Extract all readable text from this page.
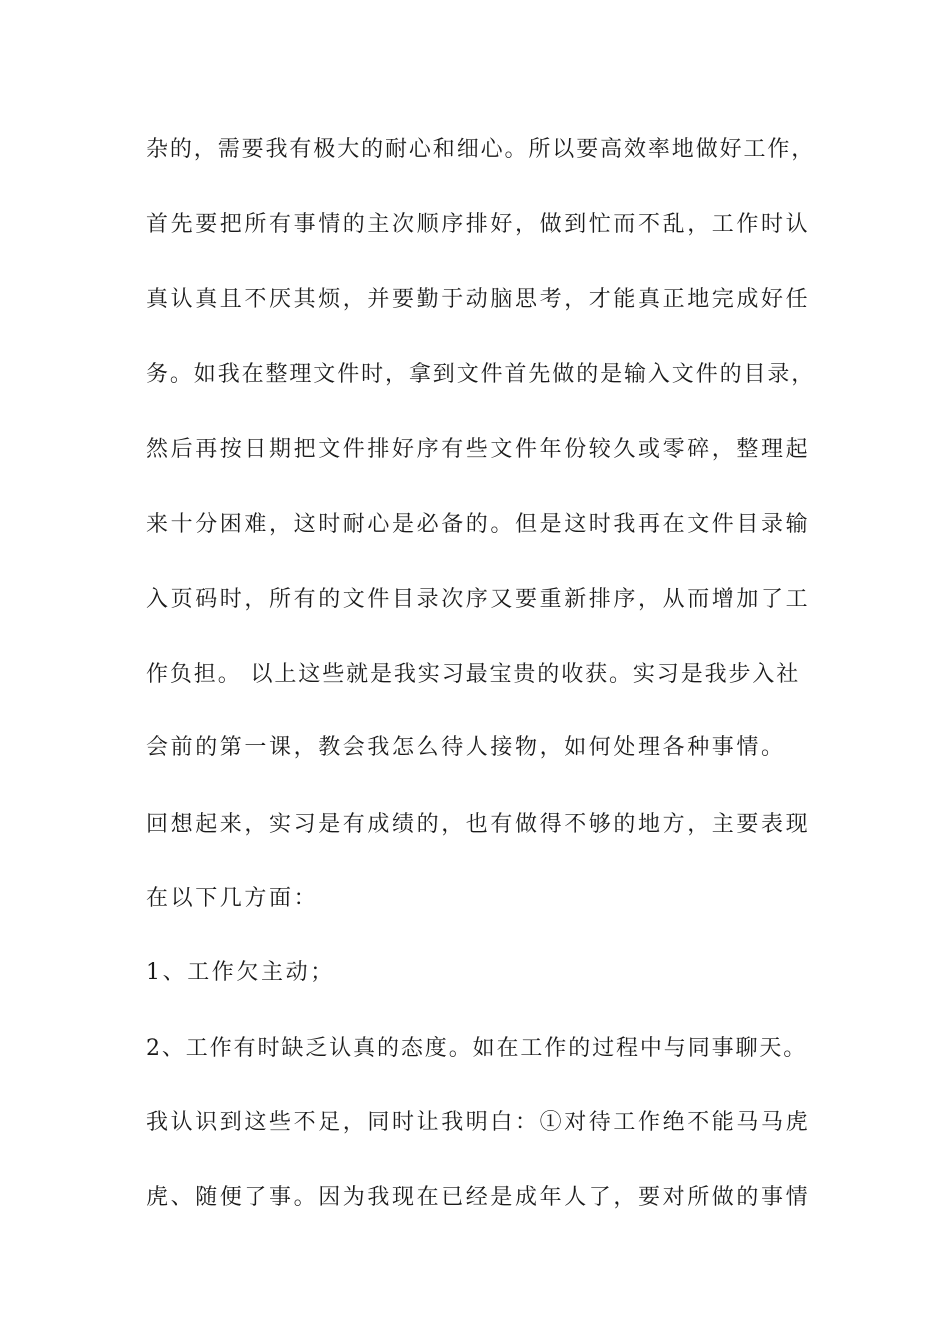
杂的，需要我有极大的耐心和细心。所以要高效率地做好工作，
首先要把所有事情的主次顺序排好，做到忙而不乱，工作时认
真认真且不厌其烦，并要勤于动脑思考，才能真正地完成好任
务。如我在整理文件时，拿到文件首先做的是输入文件的目录，
然后再按日期把文件排好序有些文件年份较久或零碎，整理起
来十分困难，这时耐心是必备的。但是这时我再在文件目录输
入页码时，所有的文件目录次序又要重新排序，从而增加了工
作负担。 以上这些就是我实习最宝贵的收获。实习是我步入社
会前的第一课，教会我怎么待人接物，如何处理各种事情。
回想起来，实习是有成绩的，也有做得不够的地方，主要表现
在以下几方面：
1、工作欠主动；
2、工作有时缺乏认真的态度。如在工作的过程中与同事聊天。
我认识到这些不足，同时让我明白：①对待工作绝不能马马虎
虎、随便了事。因为我现在已经是成年人了，要对所做的事情
